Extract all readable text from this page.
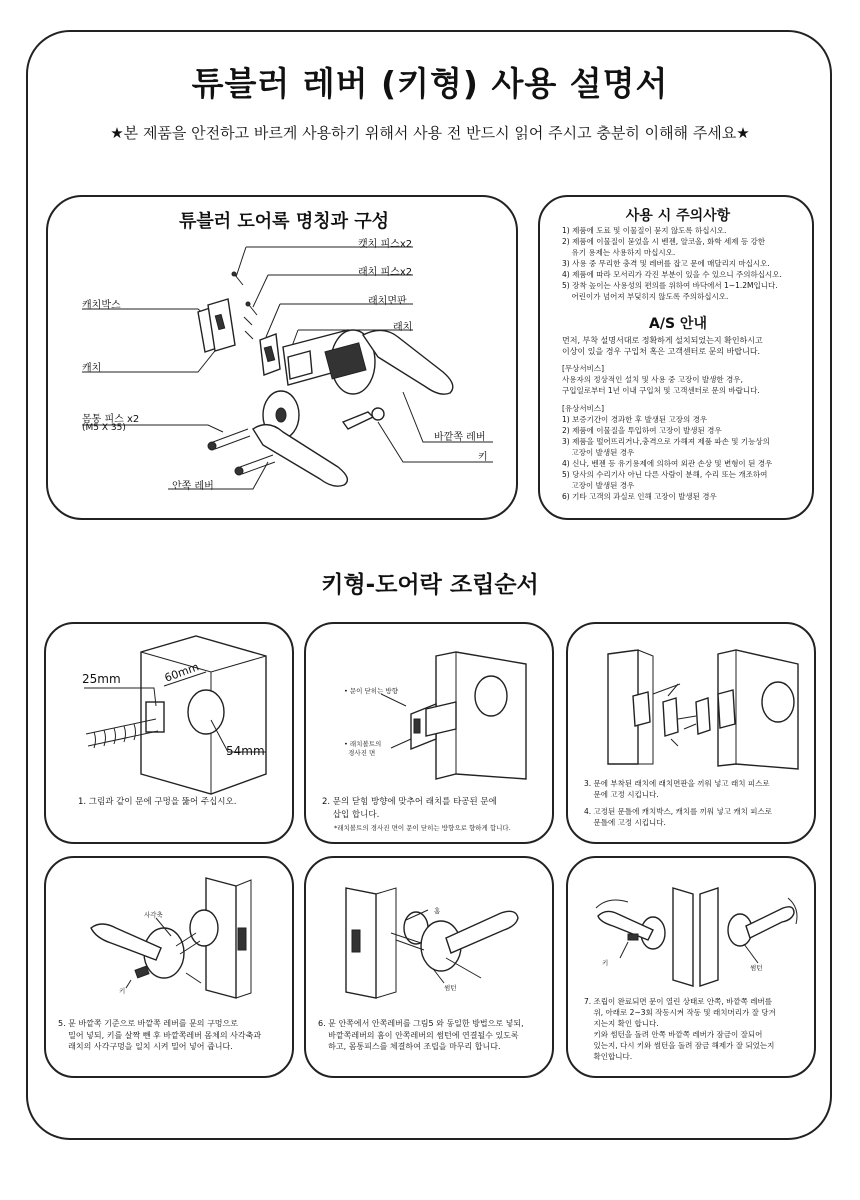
튜블러 레버 (키형) 사용 설명서
★본 제품을 안전하고 바르게 사용하기 위해서 사용 전 반드시 읽어 주시고 충분히 이해해 주세요★
튜블러 도어록 명칭과 구성
캣치 피스x2
래치 피스x2
래치면판
래치
캐치박스
캐치
몸통 피스 x2
(M5 X 35)
바깥쪽 레버
키
안쪽 레버
사용 시 주의사항
1) 제품에 도료 및 이물질이 묻지 않도록 하십시오.
2) 제품에 이물질이 묻었을 시 벤젠, 알코올, 화학 세제 등 강한
유기 용제는 사용하지 마십시오.
3) 사용 중 무리한 충격 및 레버를 잡고 문에 매달리지 마십시오.
4) 제품에 따라 모서리가 각진 부분이 있을 수 있으니 주의하십시오.
5) 장착 높이는 사용성의 편의를 위하여 바닥에서 1~1.2M입니다.
어린이가 넘어져 부딪히지 않도록 주의하십시오.
A/S 안내
먼저, 부착 설명서대로 정확하게 설치되었는지 확인하시고
이상이 있을 경우 구입처 혹은 고객센터로 문의 바랍니다.
[무상서비스]
사용자의 정상적인 설치 및 사용 중 고장이 발생한 경우,
구입일로부터 1년 이내 구입처 및 고객센터로 문의 바랍니다.
[유상서비스]
1) 보증기간이 경과한 후 발생된 고장의 경우
2) 제품에 이물질을 투입하여 고장이 발생된 경우
3) 제품을 떨어뜨리거나,충격으로 가해져 제품 파손 및 기능상의
고장이 발생된 경우
4) 신나, 벤젠 등 유기용제에 의하여 외관 손상 및 변형이 된 경우
5) 당사의 수리기사 아닌 다른 사람이 분해, 수리 또는 개조하여
고장이 발생된 경우
6) 기타 고객의 과실로 인해 고장이 발생된 경우
키형-도어락 조립순서
25mm	60mm
54mm
1. 그림과 같이 문에 구멍을 뚫어 주십시오.
• 문이 닫히는 방향
• 래치볼트의
경사진 면
2. 문의 닫힘 방향에 맞추어 래치를 타공된 문에
삽입 합니다.
*래치볼트의 경사진 면이 문이 닫히는 방향으로 향하게 합니다.
3. 문에 부착된 래치에 래치면판을 끼워 넣고 래치 피스로
문에 고정 시킵니다.
4. 고정된 문틀에 캐치박스, 캐치를 끼워 넣고 캐치 피스로
문틀에 고정 시킵니다.
사각축
키
5. 문 바깥쪽 기준으로 바깥쪽 레버를 문의 구멍으로
밀어 넣되, 키를 살짝 뺀 후 바깥쪽레버 몸체의 사각축과
래치의 사각구멍을 일치 시켜 밀어 넣어 줍니다.
홈
썸턴
6. 문 안쪽에서 안쪽레버를 그림5 와 동일한 방법으로 넣되,
바깥쪽레버의 홈이 안쪽레버의 썸턴에 연결될수 있도록
하고, 몸통피스를 체결하여 조립을 마무리 합니다.
키
썸턴
7. 조립이 완료되면 문이 열린 상태로 안쪽, 바깥쪽 레버를
위, 아래로 2~3회 작동시켜 작동 및 래치머리가 잘 당겨
지는지 확인 합니다.
키와 썸턴을 돌려 안쪽 바깥쪽 레버가 잠금이 잘되어
있는지, 다시 키와 썸턴을 돌려 잠금 해제가 잘 되었는지
확인합니다.
